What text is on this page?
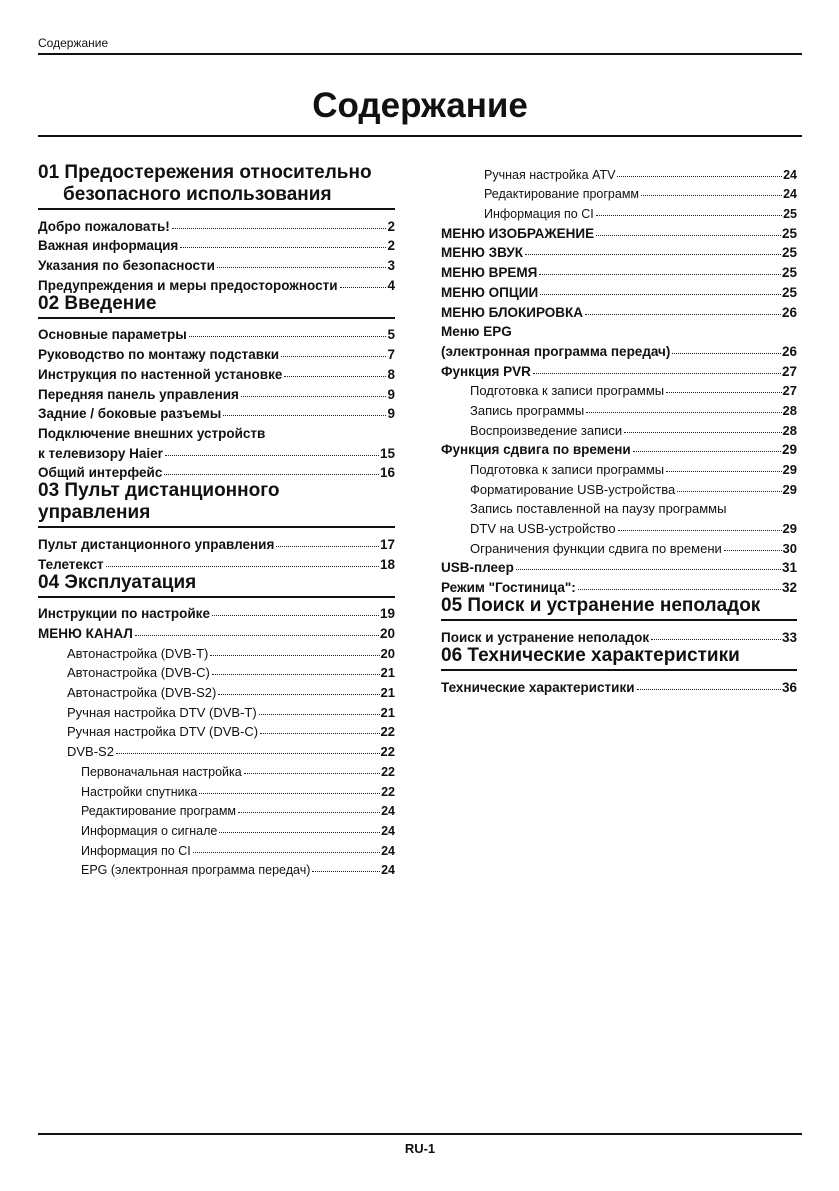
Содержание
Содержание
01 Предостережения относительно
безопасного использования
Добро пожаловать!	2
Важная информация	2
Указания по безопасности	3
Предупреждения и меры предосторожности	4
02 Введение
Основные параметры	5
Руководство по монтажу подставки	7
Инструкция по настенной установке	8
Передняя панель управления	9
Задние / боковые разъемы	9
Подключение внешних устройств
к телевизору Haier	15
Общий интерфейс	16
03 Пульт дистанционного управления
Пульт дистанционного управления	17
Телетекст	18
04 Эксплуатация
Инструкции по настройке	19
МЕНЮ КАНАЛ	20
Автонастройка (DVB-T)	20
Автонастройка (DVB-C)	21
Автонастройка (DVB-S2)	21
Ручная настройка DTV (DVB-T)	21
Ручная настройка DTV (DVB-C)	22
DVB-S2	22
Первоначальная настройка	22
Настройки спутника	22
Редактирование программ	24
Информация о сигнале	24
Информация по CI	24
EPG (электронная программа передач)	24
Ручная настройка ATV	24
Редактирование программ	24
Информация по CI	25
МЕНЮ ИЗОБРАЖЕНИЕ	25
МЕНЮ ЗВУК	25
МЕНЮ ВРЕМЯ	25
МЕНЮ ОПЦИИ	25
МЕНЮ БЛОКИРОВКА	26
Меню EPG
(электронная программа передач)	26
Функция PVR	27
Подготовка к записи программы	27
Запись программы	28
Воспроизведение записи	28
Функция сдвига по времени	29
Подготовка к записи программы	29
Форматирование USB-устройства	29
Запись поставленной на паузу программы
DTV на USB-устройство	29
Ограничения функции сдвига по времени	30
USB-плеер	31
Режим "Гостиница":	32
05 Поиск и устранение неполадок
Поиск и устранение неполадок	33
06 Технические характеристики
Технические характеристики	36
RU-1
